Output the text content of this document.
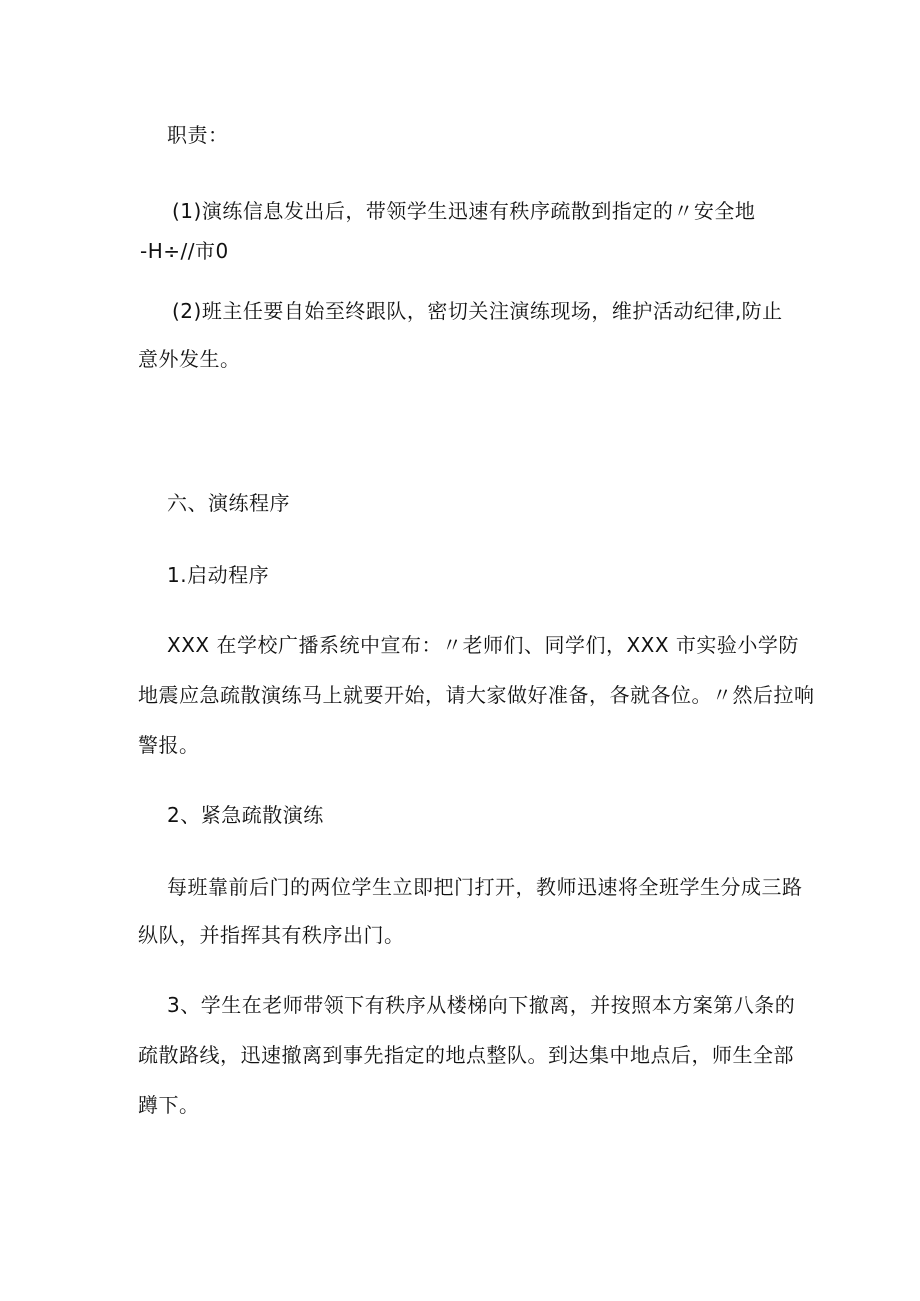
职责：

(1)演练信息发出后，带领学生迅速有秩序疏散到指定的〃安全地

-H÷//市0

(2)班主任要自始至终跟队，密切关注演练现场，维护活动纪律,防止

意外发生。

六、演练程序

1.启动程序

XXX 在学校广播系统中宣布：〃老师们、同学们，XXX 市实验小学防

地震应急疏散演练马上就要开始，请大家做好准备，各就各位。〃然后拉响

警报。

2、紧急疏散演练

每班靠前后门的两位学生立即把门打开，教师迅速将全班学生分成三路

纵队，并指挥其有秩序出门。

3、学生在老师带领下有秩序从楼梯向下撤离，并按照本方案第八条的

疏散路线，迅速撤离到事先指定的地点整队。到达集中地点后，师生全部

蹲下。
